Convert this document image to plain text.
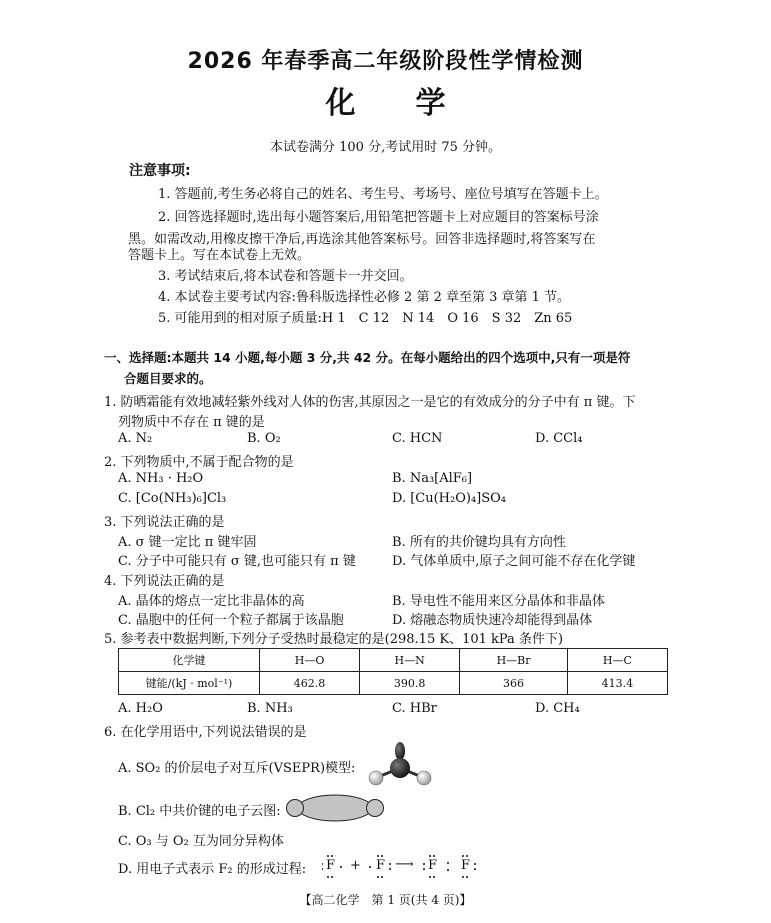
2026 年春季高二年级阶段性学情检测
化　　学
本试卷满分 100 分,考试用时 75 分钟。
注意事项:
1. 答题前,考生务必将自己的姓名、考生号、考场号、座位号填写在答题卡上。
2. 回答选择题时,选出每小题答案后,用铅笔把答题卡上对应题目的答案标号涂
黑。如需改动,用橡皮擦干净后,再选涂其他答案标号。回答非选择题时,将答案写在
答题卡上。写在本试卷上无效。
3. 考试结束后,将本试卷和答题卡一并交回。
4. 本试卷主要考试内容:鲁科版选择性必修 2 第 2 章至第 3 章第 1 节。
5. 可能用到的相对原子质量:H 1　C 12　N 14　O 16　S 32　Zn 65
一、选择题:本题共 14 小题,每小题 3 分,共 42 分。在每小题给出的四个选项中,只有一项是符
合题目要求的。
1. 防晒霜能有效地减轻紫外线对人体的伤害,其原因之一是它的有效成分的分子中有 π 键。下
列物质中不存在 π 键的是
A. N₂	B. O₂	C. HCN	D. CCl₄
2. 下列物质中,不属于配合物的是
A. NH₃ · H₂O	B. Na₃[AlF₆]
C. [Co(NH₃)₆]Cl₃	D. [Cu(H₂O)₄]SO₄
3. 下列说法正确的是
A. σ 键一定比 π 键牢固	B. 所有的共价键均具有方向性
C. 分子中可能只有 σ 键,也可能只有 π 键	D. 气体单质中,原子之间可能不存在化学键
4. 下列说法正确的是
A. 晶体的熔点一定比非晶体的高	B. 导电性不能用来区分晶体和非晶体
C. 晶胞中的任何一个粒子都属于该晶胞	D. 熔融态物质快速冷却能得到晶体
5. 参考表中数据判断,下列分子受热时最稳定的是(298.15 K、101 kPa 条件下)
化学键	H—O	H—N	H—Br	H—C
键能/(kJ · mol⁻¹)	462.8	390.8	366	413.4
A. H₂O	B. NH₃	C. HBr	D. CH₄
6. 在化学用语中,下列说法错误的是
A. SO₂ 的价层电子对互斥(VSEPR)模型:
B. Cl₂ 中共价键的电子云图:
C. O₃ 与 O₂ 互为同分异构体
D. 用电子式表示 F₂ 的形成过程: F + F ⟶ F F
【高二化学　第 1 页(共 4 页)】
